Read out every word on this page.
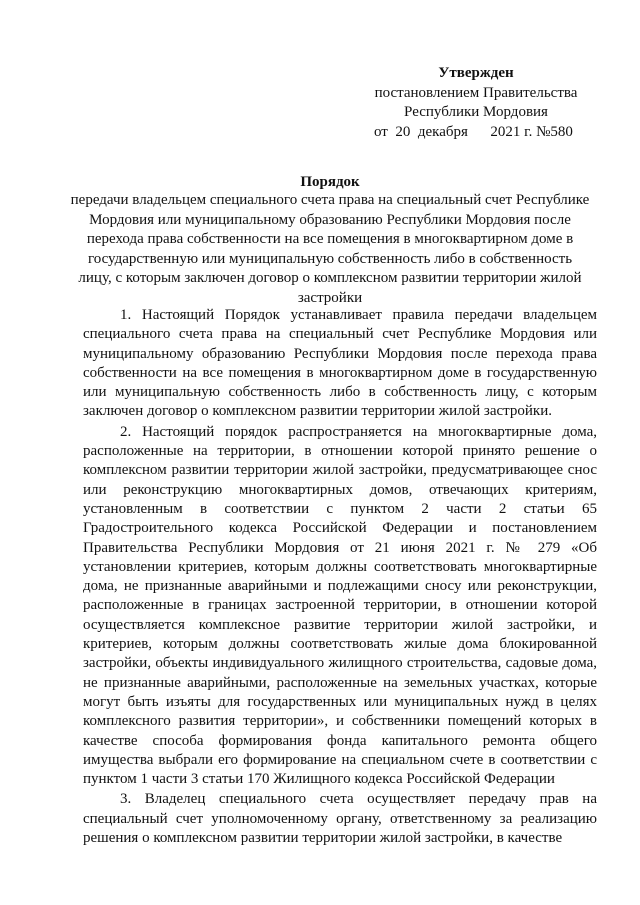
Утвержден
постановлением Правительства
Республики Мордовия
от  20  декабря      2021 г. №580
Порядок
передачи владельцем специального счета права на специальный счет Республике Мордовия или муниципальному образованию Республики Мордовия после перехода права собственности на все помещения в многоквартирном доме в государственную или муниципальную собственность либо в собственность лицу, с которым заключен договор о комплексном развитии территории жилой застройки

1. Настоящий Порядок устанавливает правила передачи владельцем специального счета права на специальный счет Республике Мордовия или муниципальному образованию Республики Мордовия после перехода права собственности на все помещения в многоквартирном доме в государственную или муниципальную собственность либо в собственность лицу, с которым заключен договор о комплексном развитии территории жилой застройки.

2. Настоящий порядок распространяется на многоквартирные дома, расположенные на территории, в отношении которой принято решение о комплексном развитии территории жилой застройки, предусматривающее снос или реконструкцию многоквартирных домов, отвечающих критериям, установленным в соответствии с пунктом 2 части 2 статьи 65 Градостроительного кодекса Российской Федерации и постановлением Правительства Республики Мордовия от 21 июня 2021 г. № 279 «Об установлении критериев, которым должны соответствовать многоквартирные дома, не признанные аварийными и подлежащими сносу или реконструкции, расположенные в границах застроенной территории, в отношении которой осуществляется комплексное развитие территории жилой застройки, и критериев, которым должны соответствовать жилые дома блокированной застройки, объекты индивидуального жилищного строительства, садовые дома, не признанные аварийными, расположенные на земельных участках, которые могут быть изъяты для государственных или муниципальных нужд в целях комплексного развития территории», и собственники помещений которых в качестве способа формирования фонда капитального ремонта общего имущества выбрали его формирование на специальном счете в соответствии с пунктом 1 части 3 статьи 170 Жилищного кодекса Российской Федерации

3. Владелец специального счета осуществляет передачу прав на специальный счет уполномоченному органу, ответственному за реализацию решения о комплексном развитии территории жилой застройки, в качестве
